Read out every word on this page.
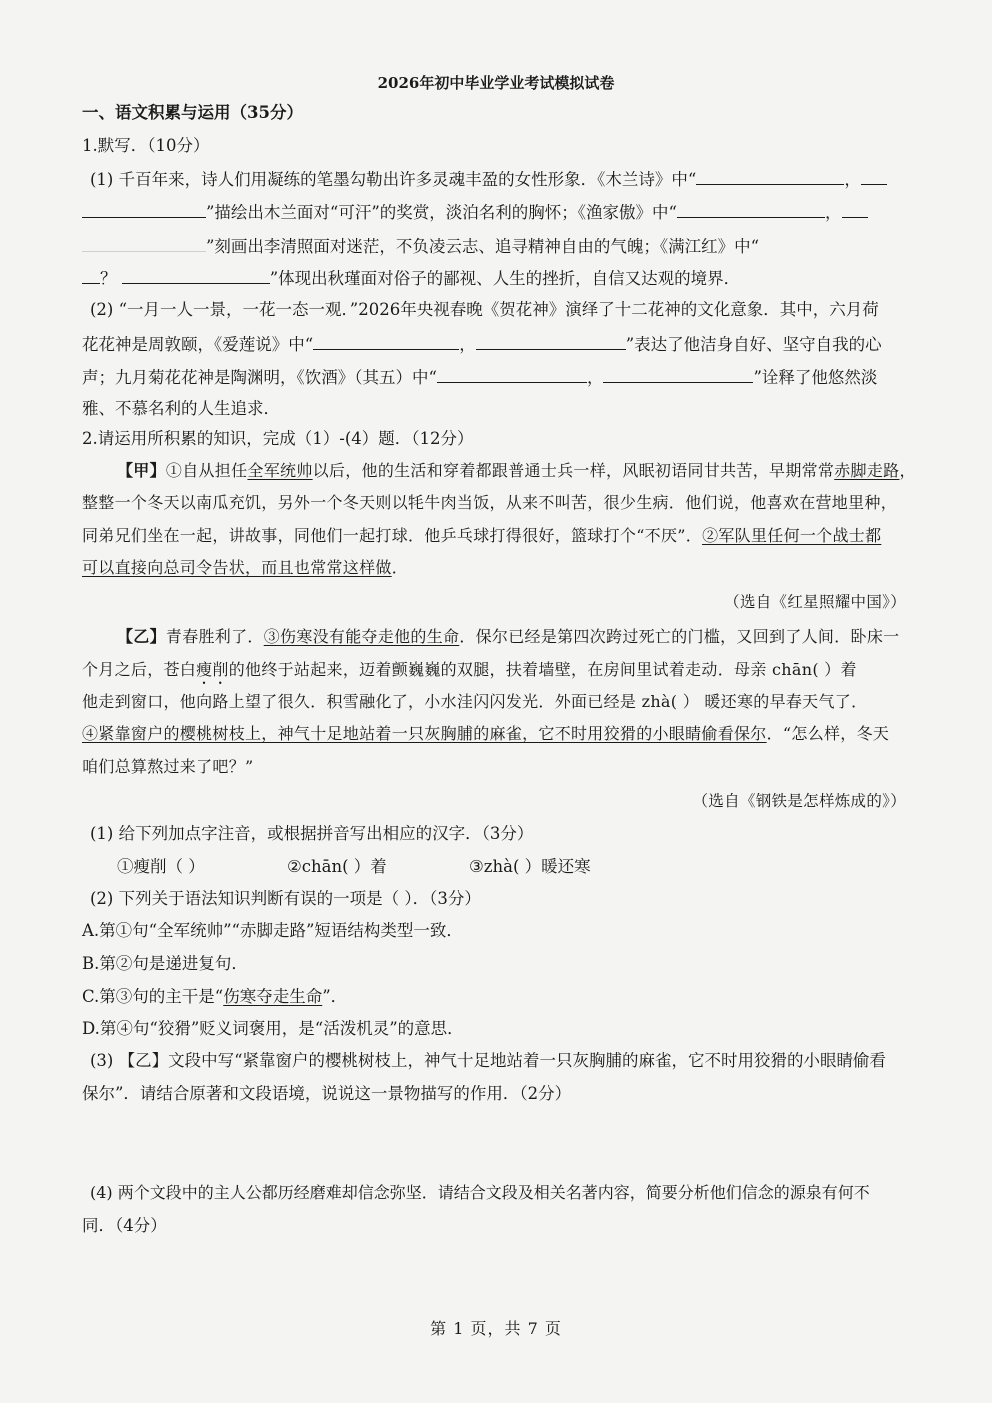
2026年初中毕业学业考试模拟试卷
一、语文积累与运用（35分）
1.默写．（10分）
(1) 千百年来，诗人们用凝练的笔墨勾勒出许多灵魂丰盈的女性形象．《木兰诗》中“	，
”描绘出木兰面对“可汗”的奖赏，淡泊名利的胸怀；《渔家傲》中“	，
”刻画出李清照面对迷茫，不负凌云志、追寻精神自由的气魄；《满江红》中“
？	”体现出秋瑾面对俗子的鄙视、人生的挫折，自信又达观的境界．
(2) “一月一人一景，一花一态一观．”2026年央视春晚《贺花神》演绎了十二花神的文化意象．其中，六月荷
花花神是周敦颐，《爱莲说》中“	，	”表达了他洁身自好、坚守自我的心
声；九月菊花花神是陶渊明，《饮酒》（其五）中“	，	”诠释了他悠然淡
雅、不慕名利的人生追求．
2.请运用所积累的知识，完成（1）-(4）题．（12分）
【甲】①自从担任全军统帅以后，他的生活和穿着都跟普通士兵一样，风眠初语同甘共苦，早期常常赤脚走路，
整整一个冬天以南瓜充饥，另外一个冬天则以牦牛肉当饭，从来不叫苦，很少生病．他们说，他喜欢在营地里种，
同弟兄们坐在一起，讲故事，同他们一起打球．他乒乓球打得很好，篮球打个“不厌”．②军队里任何一个战士都
可以直接向总司令告状，而且也常常这样做．
（选自《红星照耀中国》）
【乙】青春胜利了．③伤寒没有能夺走他的生命．保尔已经是第四次跨过死亡的门槛，又回到了人间．卧床一
个月之后，苍白瘦削的他终于站起来，迈着颤巍巍的双腿，扶着墙壁，在房间里试着走动．母亲 chān( ）着
他走到窗口，他向路上望了很久．积雪融化了，小水洼闪闪发光．外面已经是 zhà( ） 暖还寒的早春天气了．
④紧靠窗户的樱桃树枝上，神气十足地站着一只灰胸脯的麻雀，它不时用狡猾的小眼睛偷看保尔．“怎么样，冬天
咱们总算熬过来了吧？”
（选自《钢铁是怎样炼成的》）
(1) 给下列加点字注音，或根据拼音写出相应的汉字．（3分）
①瘦削（ ）	②chān( ）着	③zhà( ）暖还寒
(2) 下列关于语法知识判断有误的一项是（ ）．（3分）
A.第①句“全军统帅”“赤脚走路”短语结构类型一致．
B.第②句是递进复句．
C.第③句的主干是“伤寒夺走生命”．
D.第④句“狡猾”贬义词褒用，是“活泼机灵”的意思．
(3) 【乙】文段中写“紧靠窗户的樱桃树枝上，神气十足地站着一只灰胸脯的麻雀，它不时用狡猾的小眼睛偷看
保尔”．请结合原著和文段语境，说说这一景物描写的作用．（2分）
(4) 两个文段中的主人公都历经磨难却信念弥坚．请结合文段及相关名著内容，简要分析他们信念的源泉有何不
同．（4分）
第 1 页，共 7 页
